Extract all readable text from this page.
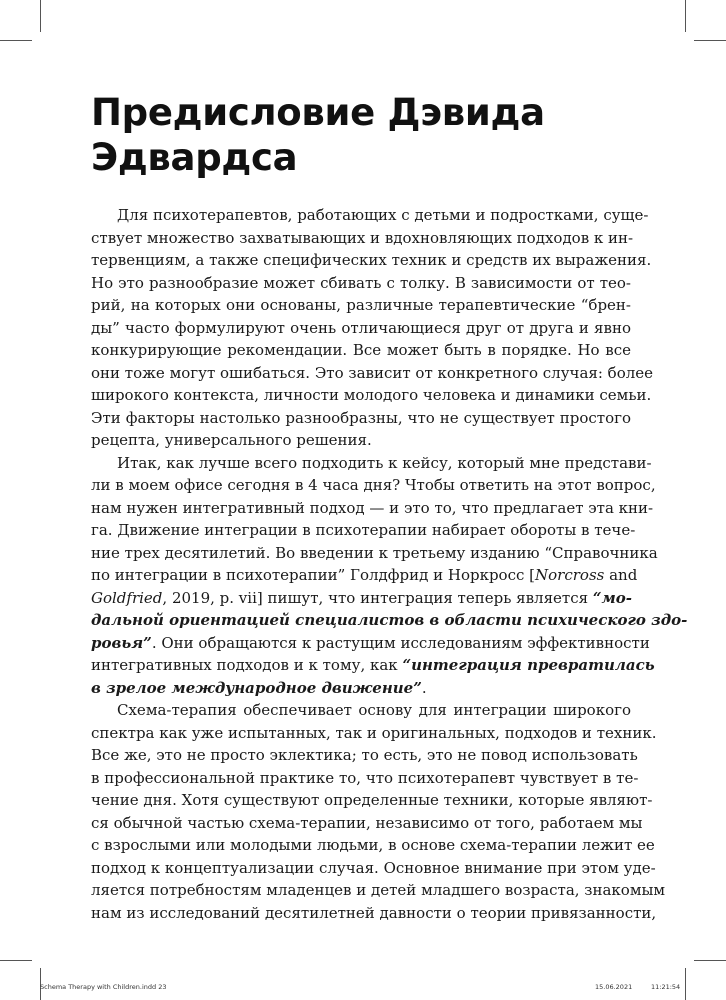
Предисловие Дэвида
Эдвардса
Для психотерапевтов, работающих с детьми и подростками, суще-
ствует множество захватывающих и вдохновляющих подходов к ин-
тервенциям, а также специфических техник и средств их выражения.
Но это разнообразие может сбивать с толку. В зависимости от тео-
рий, на которых они основаны, различные терапевтические “брен-
ды” часто формулируют очень отличающиеся друг от друга и явно
конкурирующие рекомендации. Все может быть в порядке. Но все
они тоже могут ошибаться. Это зависит от конкретного случая: более
широкого контекста, личности молодого человека и динамики семьи.
Эти факторы настолько разнообразны, что не существует простого
рецепта, универсального решения.
Итак, как лучше всего подходить к кейсу, который мне представи-
ли в моем офисе сегодня в 4 часа дня? Чтобы ответить на этот вопрос,
нам нужен интегративный подход — и это то, что предлагает эта кни-
га. Движение интеграции в психотерапии набирает обороты в тече-
ние трех десятилетий. Во введении к третьему изданию “Справочника
по интеграции в психотерапии” Голдфрид и Норкросс [Norcross and
Goldfried, 2019, p. vii] пишут, что интеграция теперь является “мо-
дальной ориентацией специалистов в области психического здо-
ровья”. Они обращаются к растущим исследованиям эффективности
интегративных подходов и к тому, как “интеграция превратилась
в зрелое международное движение”.
Схема-терапия обеспечивает основу для интеграции широкого
спектра как уже испытанных, так и оригинальных, подходов и техник.
Все же, это не просто эклектика; то есть, это не повод использовать
в профессиональной практике то, что психотерапевт чувствует в те-
чение дня. Хотя существуют определенные техники, которые являют-
ся обычной частью схема-терапии, независимо от того, работаем мы
с взрослыми или молодыми людьми, в основе схема-терапии лежит ее
подход к концептуализации случая. Основное внимание при этом уде-
ляется потребностям младенцев и детей младшего возраста, знакомым
нам из исследований десятилетней давности о теории привязанности,
Schema Therapy with Children.indd 23	15.06.2021	11:21:54
